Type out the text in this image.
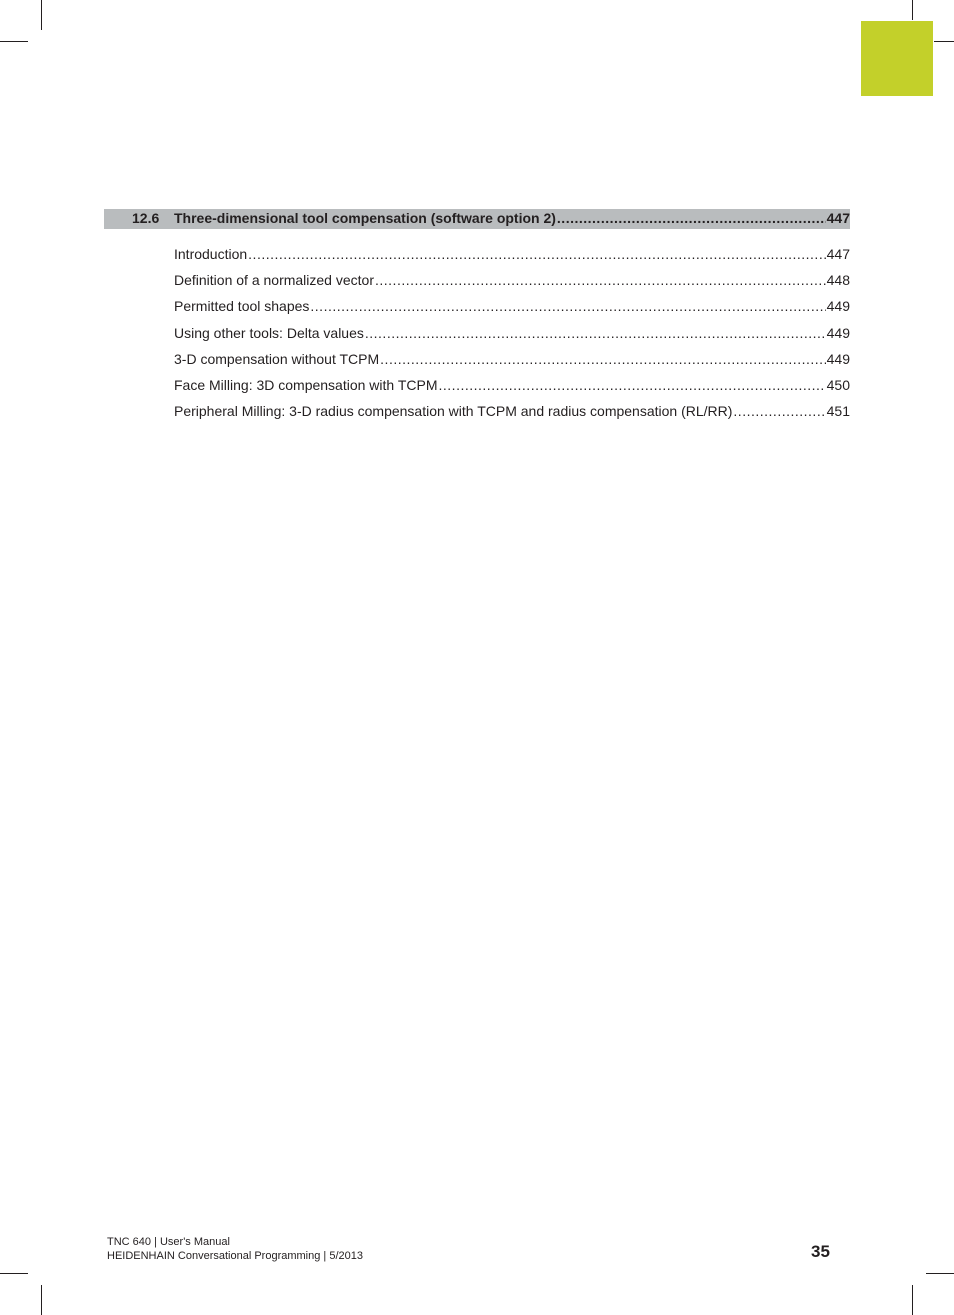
12.6	Three-dimensional tool compensation (software option 2) .....	447
Introduction .....	447
Definition of a normalized vector .....	448
Permitted tool shapes .....	449
Using other tools: Delta values .....	449
3-D compensation without TCPM .....	449
Face Milling: 3D compensation with TCPM .....	450
Peripheral Milling: 3-D radius compensation with TCPM and radius compensation (RL/RR) .....	451
TNC 640 | User's Manual
HEIDENHAIN Conversational Programming | 5/2013	35
